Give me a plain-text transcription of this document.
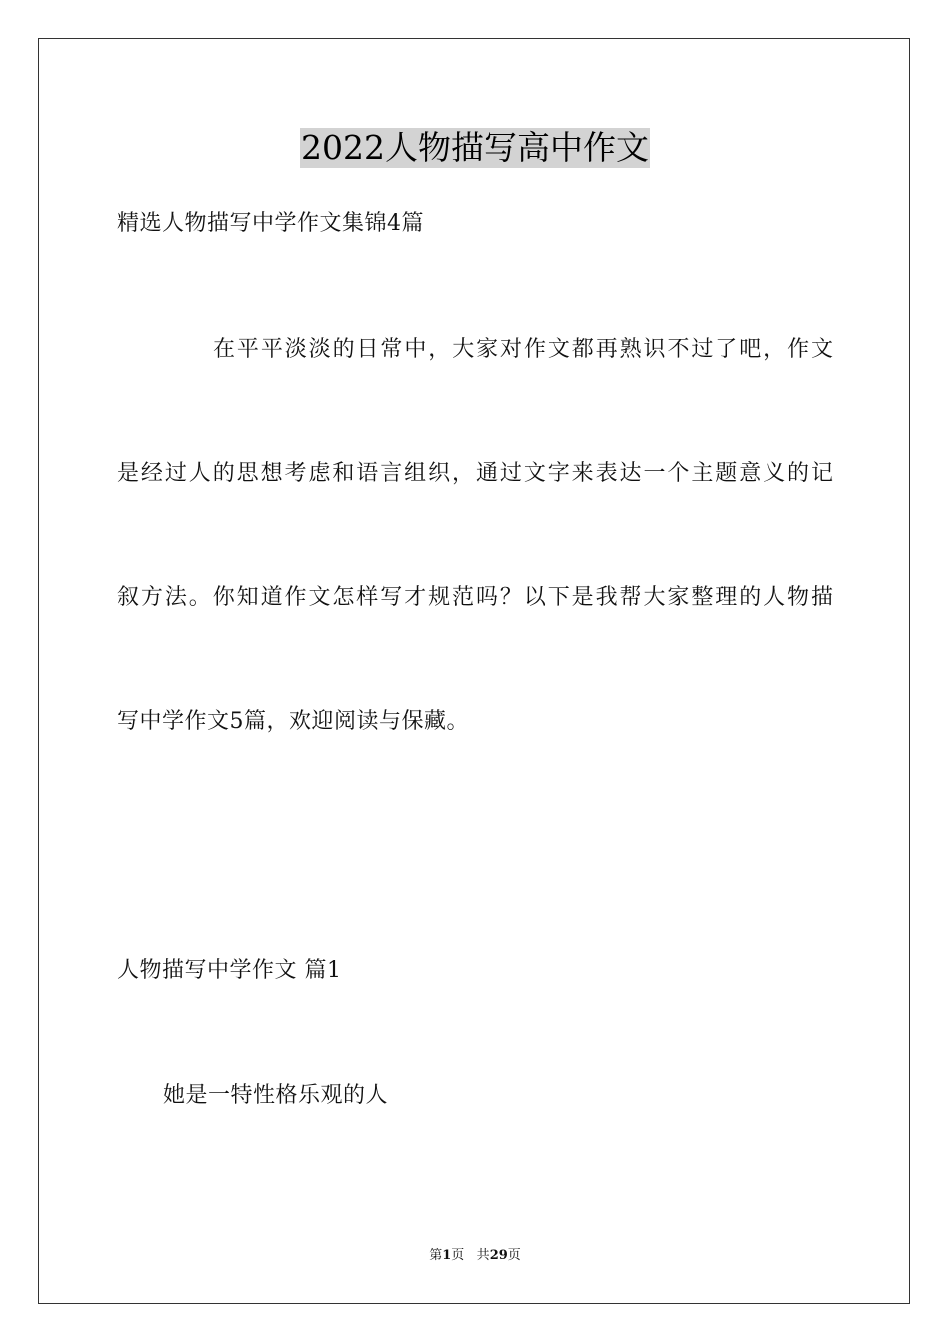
2022人物描写高中作文
精选人物描写中学作文集锦4篇
在平平淡淡的日常中，大家对作文都再熟识不过了吧，作文
是经过人的思想考虑和语言组织，通过文字来表达一个主题意义的记
叙方法。你知道作文怎样写才规范吗？以下是我帮大家整理的人物描
写中学作文5篇，欢迎阅读与保藏。
人物描写中学作文 篇1
她是一特性格乐观的人
第1页 共29页
